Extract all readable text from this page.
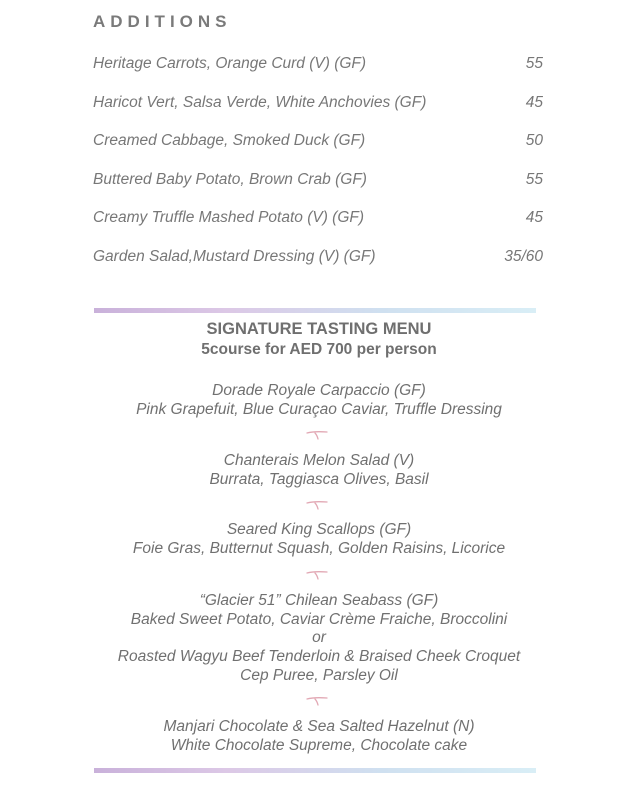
ADDITIONS
Heritage Carrots, Orange Curd (V) (GF)	55
Haricot Vert, Salsa Verde, White Anchovies (GF)	45
Creamed Cabbage, Smoked Duck (GF)	50
Buttered Baby Potato, Brown Crab (GF)	55
Creamy Truffle Mashed Potato (V) (GF)	45
Garden Salad,Mustard Dressing (V) (GF)	35/60
SIGNATURE TASTING MENU
5course for AED 700 per person
Dorade Royale Carpaccio (GF)
Pink Grapefuit, Blue Curaçao Caviar, Truffle Dressing
Chanterais Melon Salad (V)
Burrata, Taggiasca Olives, Basil
Seared King Scallops (GF)
Foie Gras, Butternut Squash, Golden Raisins, Licorice
“Glacier 51” Chilean Seabass (GF)
Baked Sweet Potato, Caviar Crème Fraiche, Broccolini
or
Roasted Wagyu Beef Tenderloin & Braised Cheek Croquet
Cep Puree, Parsley Oil
Manjari Chocolate & Sea Salted Hazelnut (N)
White Chocolate Supreme, Chocolate cake
